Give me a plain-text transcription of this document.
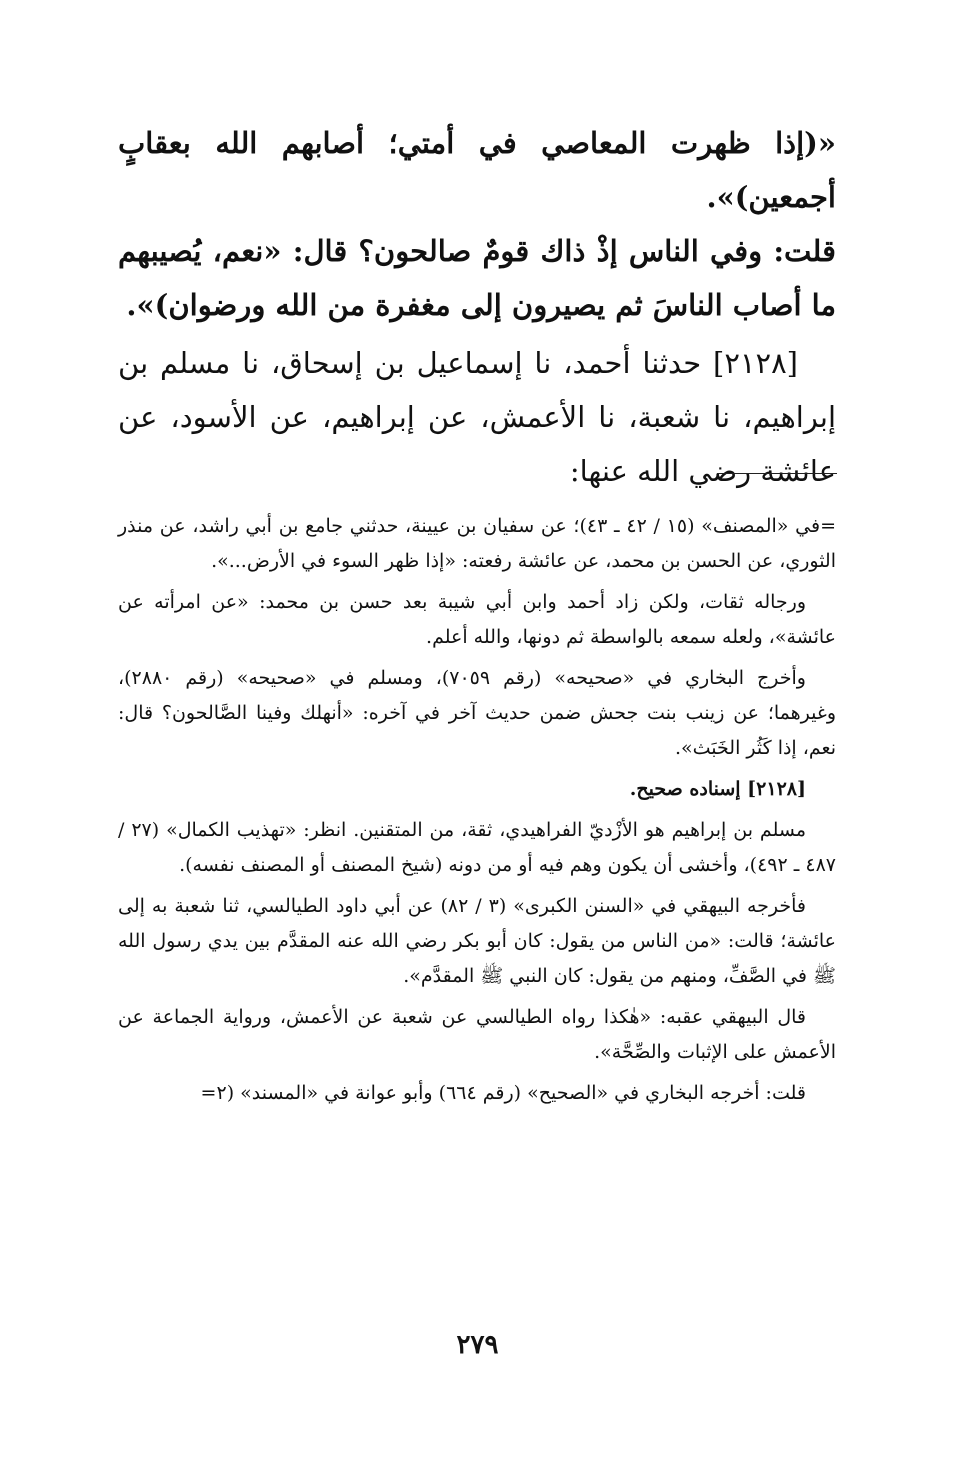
«(إذا ظهرت المعاصي في أمتي؛ أصابهم الله بعقابٍ أجمعين)».

قلت: وفي الناس إذْ ذاك قومٌ صالحون؟ قال: «نعم، يُصيبهم ما أصاب الناسَ ثم يصيرون إلى مغفرة من الله ورضوان)».

[٢١٢٨] حدثنا أحمد، نا إسماعيل بن إسحاق، نا مسلم بن إبراهيم، نا شعبة، نا الأعمش، عن إبراهيم، عن الأسود، عن عائشة رضي الله عنها:

=في «المصنف» (١٥ / ٤٢ ـ ٤٣)؛ عن سفيان بن عيينة، حدثني جامع بن أبي راشد، عن منذر الثوري، عن الحسن بن محمد، عن عائشة رفعته: «إذا ظهر السوء في الأرض...».

ورجاله ثقات، ولكن زاد أحمد وابن أبي شيبة بعد حسن بن محمد: «عن امرأته عن عائشة»، ولعله سمعه بالواسطة ثم دونها، والله أعلم.

وأخرج البخاري في «صحيحه» (رقم ٧٠٥٩)، ومسلم في «صحيحه» (رقم ٢٨٨٠)، وغيرهما؛ عن زينب بنت جحش ضمن حديث آخر في آخره: «أنهلك وفينا الصَّالحون؟ قال: نعم، إذا كَثُر الخَبَث».

[٢١٢٨] إسناده صحيح.

مسلم بن إبراهيم هو الأزْديّ الفراهيدي، ثقة، من المتقنين. انظر: «تهذيب الكمال» (٢٧ / ٤٨٧ ـ ٤٩٢)، وأخشى أن يكون وهم فيه أو من دونه (شيخ المصنف أو المصنف نفسه).

فأخرجه البيهقي في «السنن الكبرى» (٣ / ٨٢) عن أبي داود الطيالسي، ثنا شعبة به إلى عائشة؛ قالت: «من الناس من يقول: كان أبو بكر رضي الله عنه المقدَّم بين يدي رسول الله ﷺ في الصَّفِّ، ومنهم من يقول: كان النبي ﷺ المقدَّم».

قال البيهقي عقبه: «هٰكذا رواه الطيالسي عن شعبة عن الأعمش، ورواية الجماعة عن الأعمش على الإثبات والصِّحَّة».

قلت: أخرجه البخاري في «الصحيح» (رقم ٦٦٤) وأبو عوانة في «المسند» (٢=

٢٧٩
